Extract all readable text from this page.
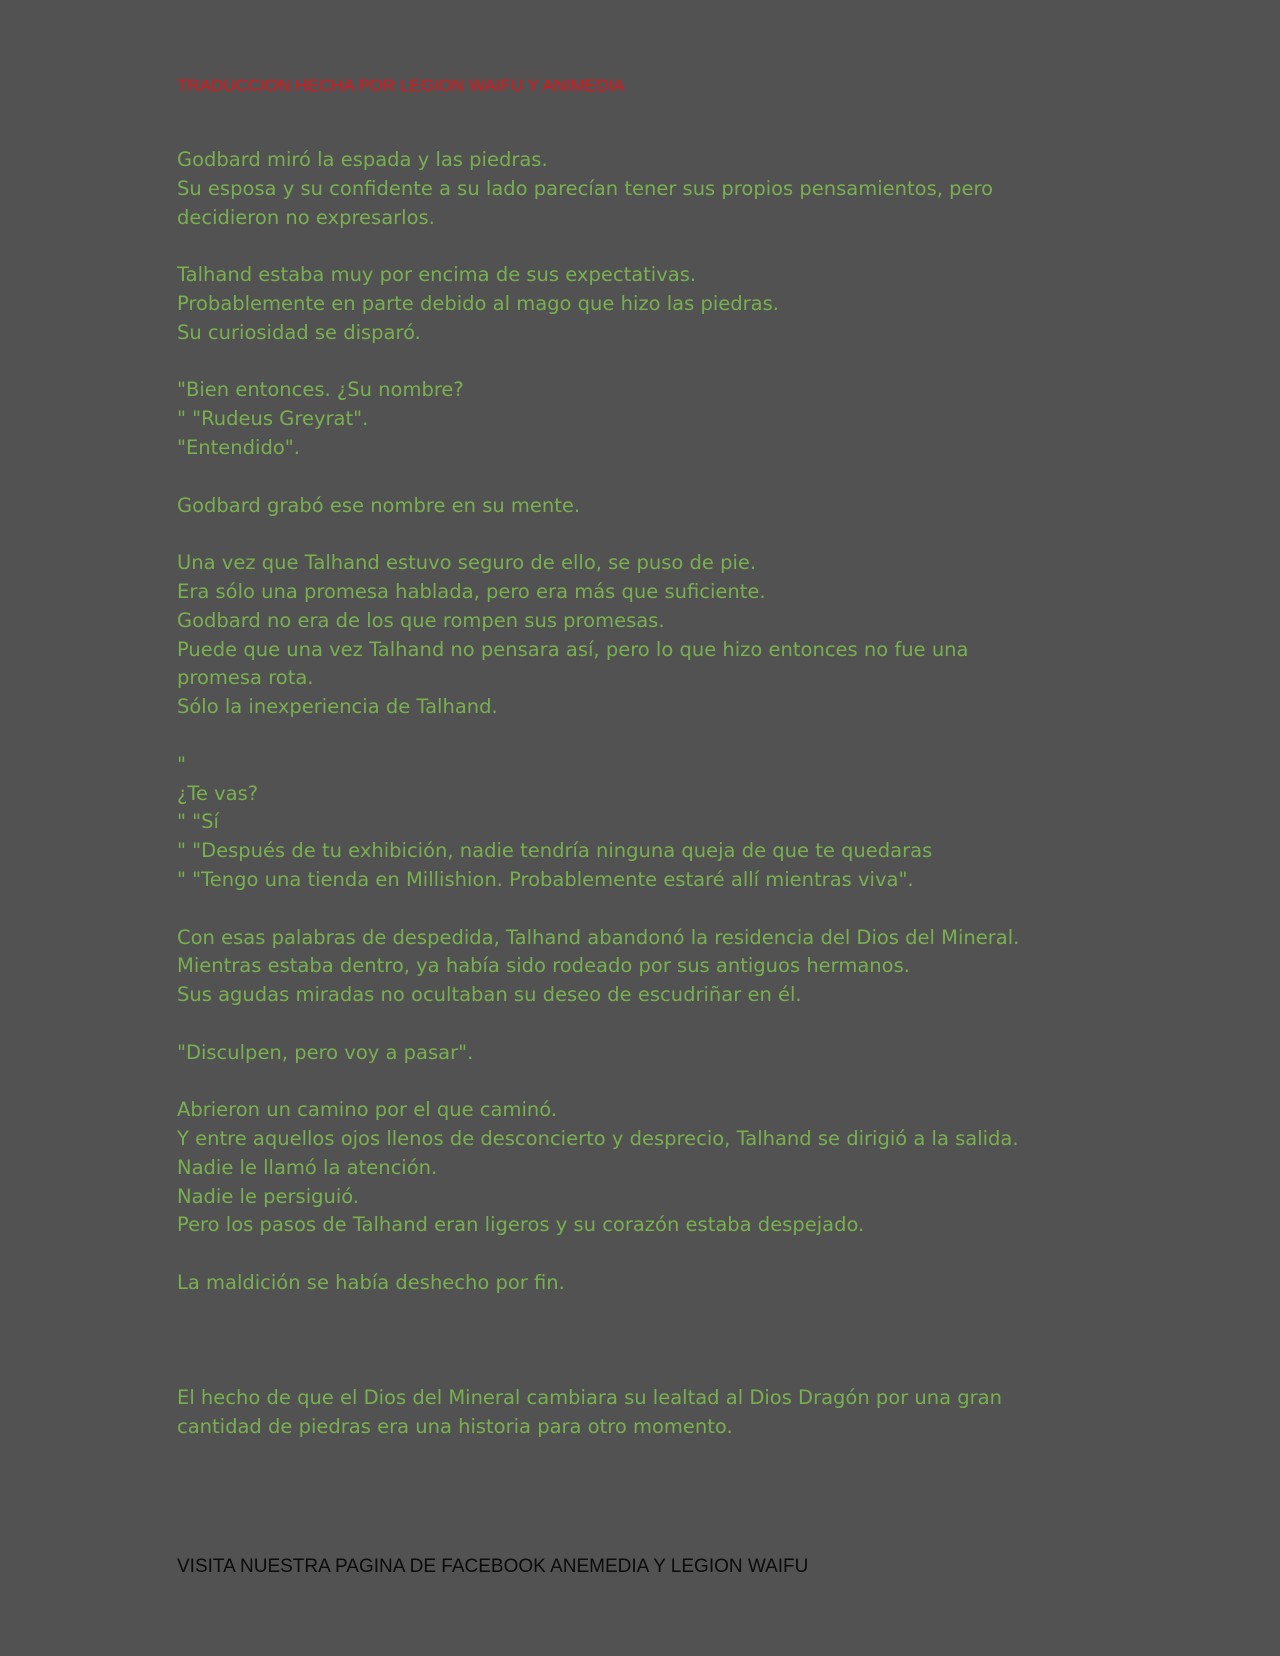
TRADUCCION HECHA POR LEGION WAIFU Y ANIMEDIA

Godbard miró la espada y las piedras.
Su esposa y su confidente a su lado parecían tener sus propios pensamientos, pero
decidieron no expresarlos.

Talhand estaba muy por encima de sus expectativas.
Probablemente en parte debido al mago que hizo las piedras.
Su curiosidad se disparó.

"Bien entonces. ¿Su nombre?
" "Rudeus Greyrat".
"Entendido".

Godbard grabó ese nombre en su mente.

Una vez que Talhand estuvo seguro de ello, se puso de pie.
Era sólo una promesa hablada, pero era más que suficiente.
Godbard no era de los que rompen sus promesas.
Puede que una vez Talhand no pensara así, pero lo que hizo entonces no fue una
promesa rota.
Sólo la inexperiencia de Talhand.

"
¿Te vas?
" "Sí
" "Después de tu exhibición, nadie tendría ninguna queja de que te quedaras
" "Tengo una tienda en Millishion. Probablemente estaré allí mientras viva".

Con esas palabras de despedida, Talhand abandonó la residencia del Dios del Mineral.
Mientras estaba dentro, ya había sido rodeado por sus antiguos hermanos.
Sus agudas miradas no ocultaban su deseo de escudriñar en él.

"Disculpen, pero voy a pasar".

Abrieron un camino por el que caminó.
Y entre aquellos ojos llenos de desconcierto y desprecio, Talhand se dirigió a la salida.
Nadie le llamó la atención.
Nadie le persiguió.
Pero los pasos de Talhand eran ligeros y su corazón estaba despejado.

La maldición se había deshecho por fin.

El hecho de que el Dios del Mineral cambiara su lealtad al Dios Dragón por una gran
cantidad de piedras era una historia para otro momento.

VISITA NUESTRA PAGINA DE FACEBOOK ANEMEDIA Y LEGION WAIFU
